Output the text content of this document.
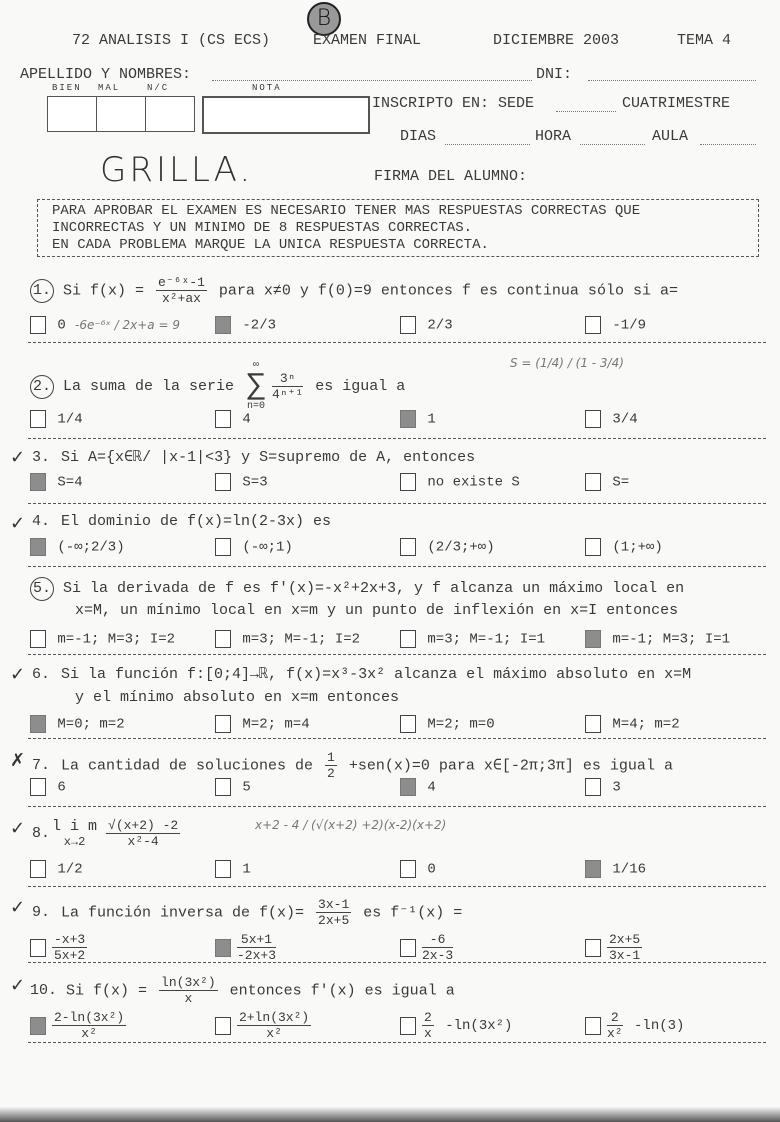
B
72 ANALISIS I (CS ECS)	EXAMEN FINAL	DICIEMBRE 2003	TEMA 4
APELLIDO Y NOMBRES:	DNI:
BIEN MAL	N/C	NOTA
INSCRIPTO EN: SEDE	CUATRIMESTRE
DIAS	HORA	AULA
GRILLA.	FIRMA DEL ALUMNO:
PARA APROBAR EL EXAMEN ES NECESARIO TENER MAS RESPUESTAS CORRECTAS QUE
INCORRECTAS Y UN MINIMO DE 8 RESPUESTAS CORRECTAS.
EN CADA PROBLEMA MARQUE LA UNICA RESPUESTA CORRECTA.
1. Si $f(x) = \frac{\text{e⁻⁶ˣ-1}}{\text{x²+ax}}$ para x≠0 y f(0)=9 entonces f es continua sólo si a=
0	-2/3	2/3	-1/9
-6e⁻⁶ˣ / 2x+a = 9
2. La suma de la serie
∞
∑
n=0
$\frac{\text{3ⁿ}}{\text{4ⁿ⁺¹}}$ es igual a
1/4	4	1	3/4
S = (1/4) / (1 - 3/4)
✓ 3. Si A={x∈ℝ/ |x-1|<3} y S=supremo de A, entonces
S=4	S=3	no existe S	S=
✓ 4. El dominio de f(x)=ln(2-3x) es
(-∞;2/3)	(-∞;1)	(2/3;+∞)	(1;+∞)
5. Si la derivada de f es f'(x)=-x²+2x+3, y f alcanza un máximo local en
x=M, un mínimo local en x=m y un punto de inflexión en x=I entonces
m=-1; M=3; I=2	m=3; M=-1; I=2	m=3; M=-1; I=1	m=-1; M=3; I=1
✓ 6. Si la función f:[0;4]→ℝ, f(x)=x³-3x² alcanza el máximo absoluto en x=M
y el mínimo absoluto en x=m entonces
M=0; m=2	M=2; m=4	M=2; m=0	M=4; m=2
✗ 7. La cantidad de soluciones de $\frac{1}{2} +sen(x)=0$ para x∈[-2π;3π] es igual a
6	5	4	3
✓ 8. l i m
x→2	$\frac{√(x+2) -2}{\text{x²-4}}$
1/2	1	0	1/16
x+2 - 4 / (√(x+2) +2)(x-2)(x+2)
✓ 9. La función inversa de $f(x)= \frac{3x-1}{2x+5}$ es f⁻¹(x) =
$\frac{-x+3}{5x+2}$	$\frac{5x+1}{-2x+3}$	$\frac{-6}{2x-3}$	$\frac{2x+5}{3x-1}$
✓ 10. Si $f(x) = \frac{\text{ln(3x²)}}{x}$ entonces f'(x) es igual a
$\frac{\text{2-ln(3x²)}}{\text{x²}}$	$\frac{\text{2+ln(3x²)}}{\text{x²}}$	$\frac{2}{x} -\ln(3x^2)$	$\frac{2}{\text{x²}} -\ln(3)$
